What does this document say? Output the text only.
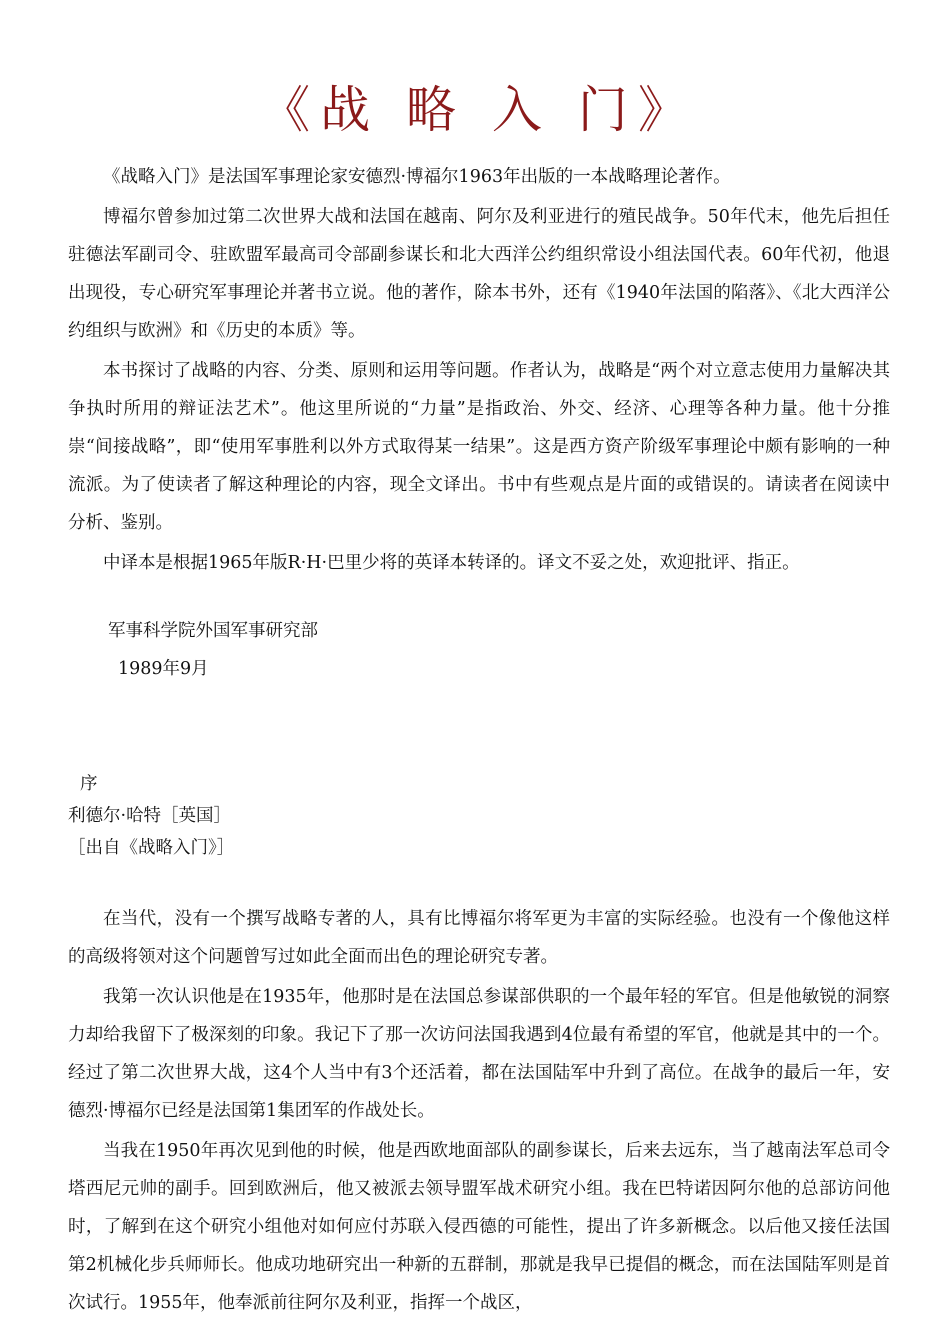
《战 略 入 门》

《战略入门》是法国军事理论家安德烈·博福尔1963年出版的一本战略理论著作。

博福尔曾参加过第二次世界大战和法国在越南、阿尔及利亚进行的殖民战争。50年代末，他先后担任驻德法军副司令、驻欧盟军最高司令部副参谋长和北大西洋公约组织常设小组法国代表。60年代初，他退出现役，专心研究军事理论并著书立说。他的著作，除本书外，还有《1940年法国的陷落》、《北大西洋公约组织与欧洲》和《历史的本质》等。

本书探讨了战略的内容、分类、原则和运用等问题。作者认为，战略是“两个对立意志使用力量解决其争执时所用的辩证法艺术”。他这里所说的“力量”是指政治、外交、经济、心理等各种力量。他十分推崇“间接战略”，即“使用军事胜利以外方式取得某一结果”。这是西方资产阶级军事理论中颇有影响的一种流派。为了使读者了解这种理论的内容，现全文译出。书中有些观点是片面的或错误的。请读者在阅读中分析、鉴别。

中译本是根据1965年版R·H·巴里少将的英译本转译的。译文不妥之处，欢迎批评、指正。

军事科学院外国军事研究部

1989年9月

序

利德尔·哈特［英国］

［出自《战略入门》］

在当代，没有一个撰写战略专著的人，具有比博福尔将军更为丰富的实际经验。也没有一个像他这样的高级将领对这个问题曾写过如此全面而出色的理论研究专著。

我第一次认识他是在1935年，他那时是在法国总参谋部供职的一个最年轻的军官。但是他敏锐的洞察力却给我留下了极深刻的印象。我记下了那一次访问法国我遇到4位最有希望的军官，他就是其中的一个。经过了第二次世界大战，这4个人当中有3个还活着，都在法国陆军中升到了高位。在战争的最后一年，安德烈·博福尔已经是法国第1集团军的作战处长。

当我在1950年再次见到他的时候，他是西欧地面部队的副参谋长，后来去远东，当了越南法军总司令塔西尼元帅的副手。回到欧洲后，他又被派去领导盟军战术研究小组。我在巴特诺因阿尔他的总部访问他时，了解到在这个研究小组他对如何应付苏联入侵西德的可能性，提出了许多新概念。以后他又接任法国第2机械化步兵师师长。他成功地研究出一种新的五群制，那就是我早已提倡的概念，而在法国陆军则是首次试行。1955年，他奉派前往阿尔及利亚，指挥一个战区，
